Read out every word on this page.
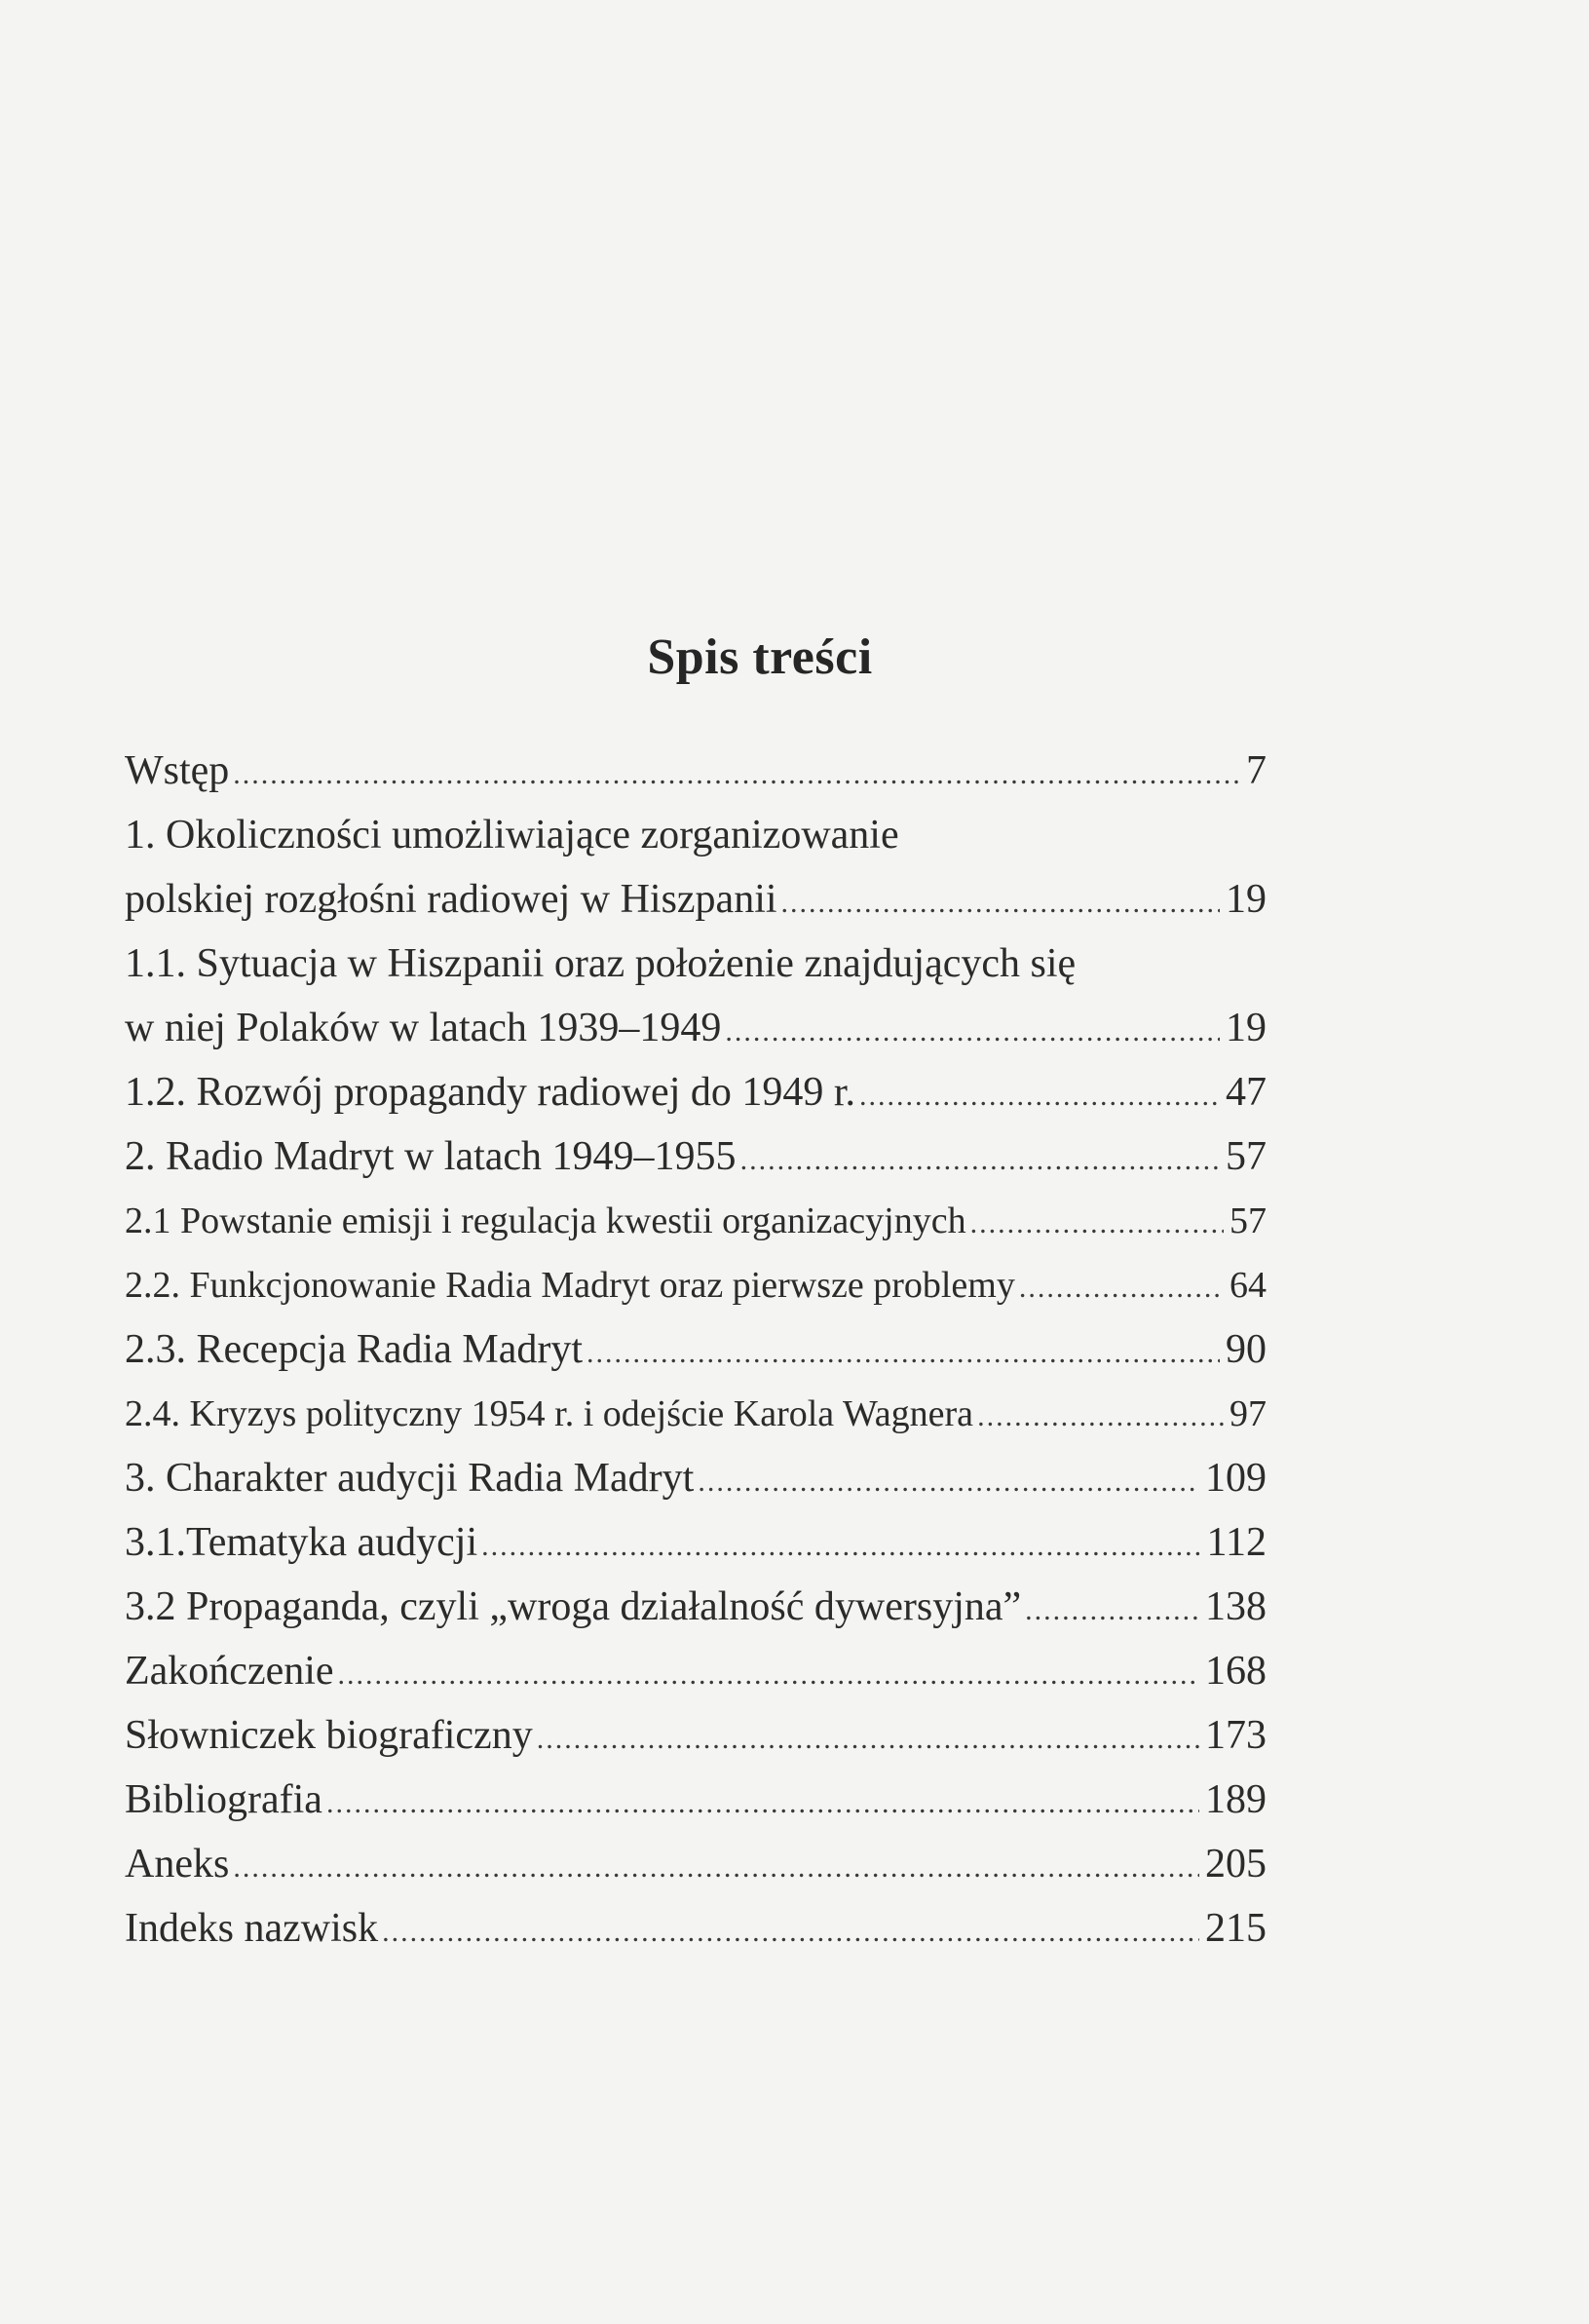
Spis treści
Wstęp .....	7
1. Okoliczności umożliwiające zorganizowanie
polskiej rozgłośni radiowej w Hiszpanii .....	19
1.1. Sytuacja w Hiszpanii oraz położenie znajdujących się
w niej Polaków w latach 1939–1949 .....	19
1.2. Rozwój propagandy radiowej do 1949 r. .....	47
2. Radio Madryt w latach 1949–1955 .....	57
2.1 Powstanie emisji i regulacja kwestii organizacyjnych .....	57
2.2. Funkcjonowanie Radia Madryt oraz pierwsze problemy .....	64
2.3. Recepcja Radia Madryt .....	90
2.4. Kryzys polityczny 1954 r. i odejście Karola Wagnera .....	97
3. Charakter audycji Radia Madryt .....	109
3.1.Tematyka audycji .....	112
3.2 Propaganda, czyli „wroga działalność dywersyjna” .....	138
Zakończenie .....	168
Słowniczek biograficzny .....	173
Bibliografia .....	189
Aneks .....	205
Indeks nazwisk .....	215
